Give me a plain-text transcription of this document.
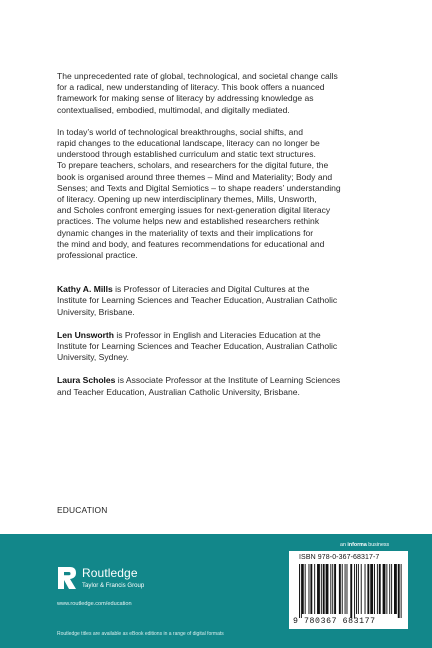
The unprecedented rate of global, technological, and societal change calls
for a radical, new understanding of literacy. This book offers a nuanced
framework for making sense of literacy by addressing knowledge as
contextualised, embodied, multimodal, and digitally mediated.

In today’s world of technological breakthroughs, social shifts, and
rapid changes to the educational landscape, literacy can no longer be
understood through established curriculum and static text structures.
To prepare teachers, scholars, and researchers for the digital future, the
book is organised around three themes – Mind and Materiality; Body and
Senses; and Texts and Digital Semiotics – to shape readers’ understanding
of literacy. Opening up new interdisciplinary themes, Mills, Unsworth,
and Scholes confront emerging issues for next-generation digital literacy
practices. The volume helps new and established researchers rethink
dynamic changes in the materiality of texts and their implications for
the mind and body, and features recommendations for educational and
professional practice.

Kathy A. Mills is Professor of Literacies and Digital Cultures at the
Institute for Learning Sciences and Teacher Education, Australian Catholic
University, Brisbane.

Len Unsworth is Professor in English and Literacies Education at the
Institute for Learning Sciences and Teacher Education, Australian Catholic
University, Sydney.

Laura Scholes is Associate Professor at the Institute of Learning Sciences
and Teacher Education, Australian Catholic University, Brisbane.

EDUCATION
an informa business
Routledge
Taylor & Francis Group
www.routledge.com/education
Routledge titles are available as eBook editions in a range of digital formats
ISBN 978-0-367-68317-7
9 780367 683177
